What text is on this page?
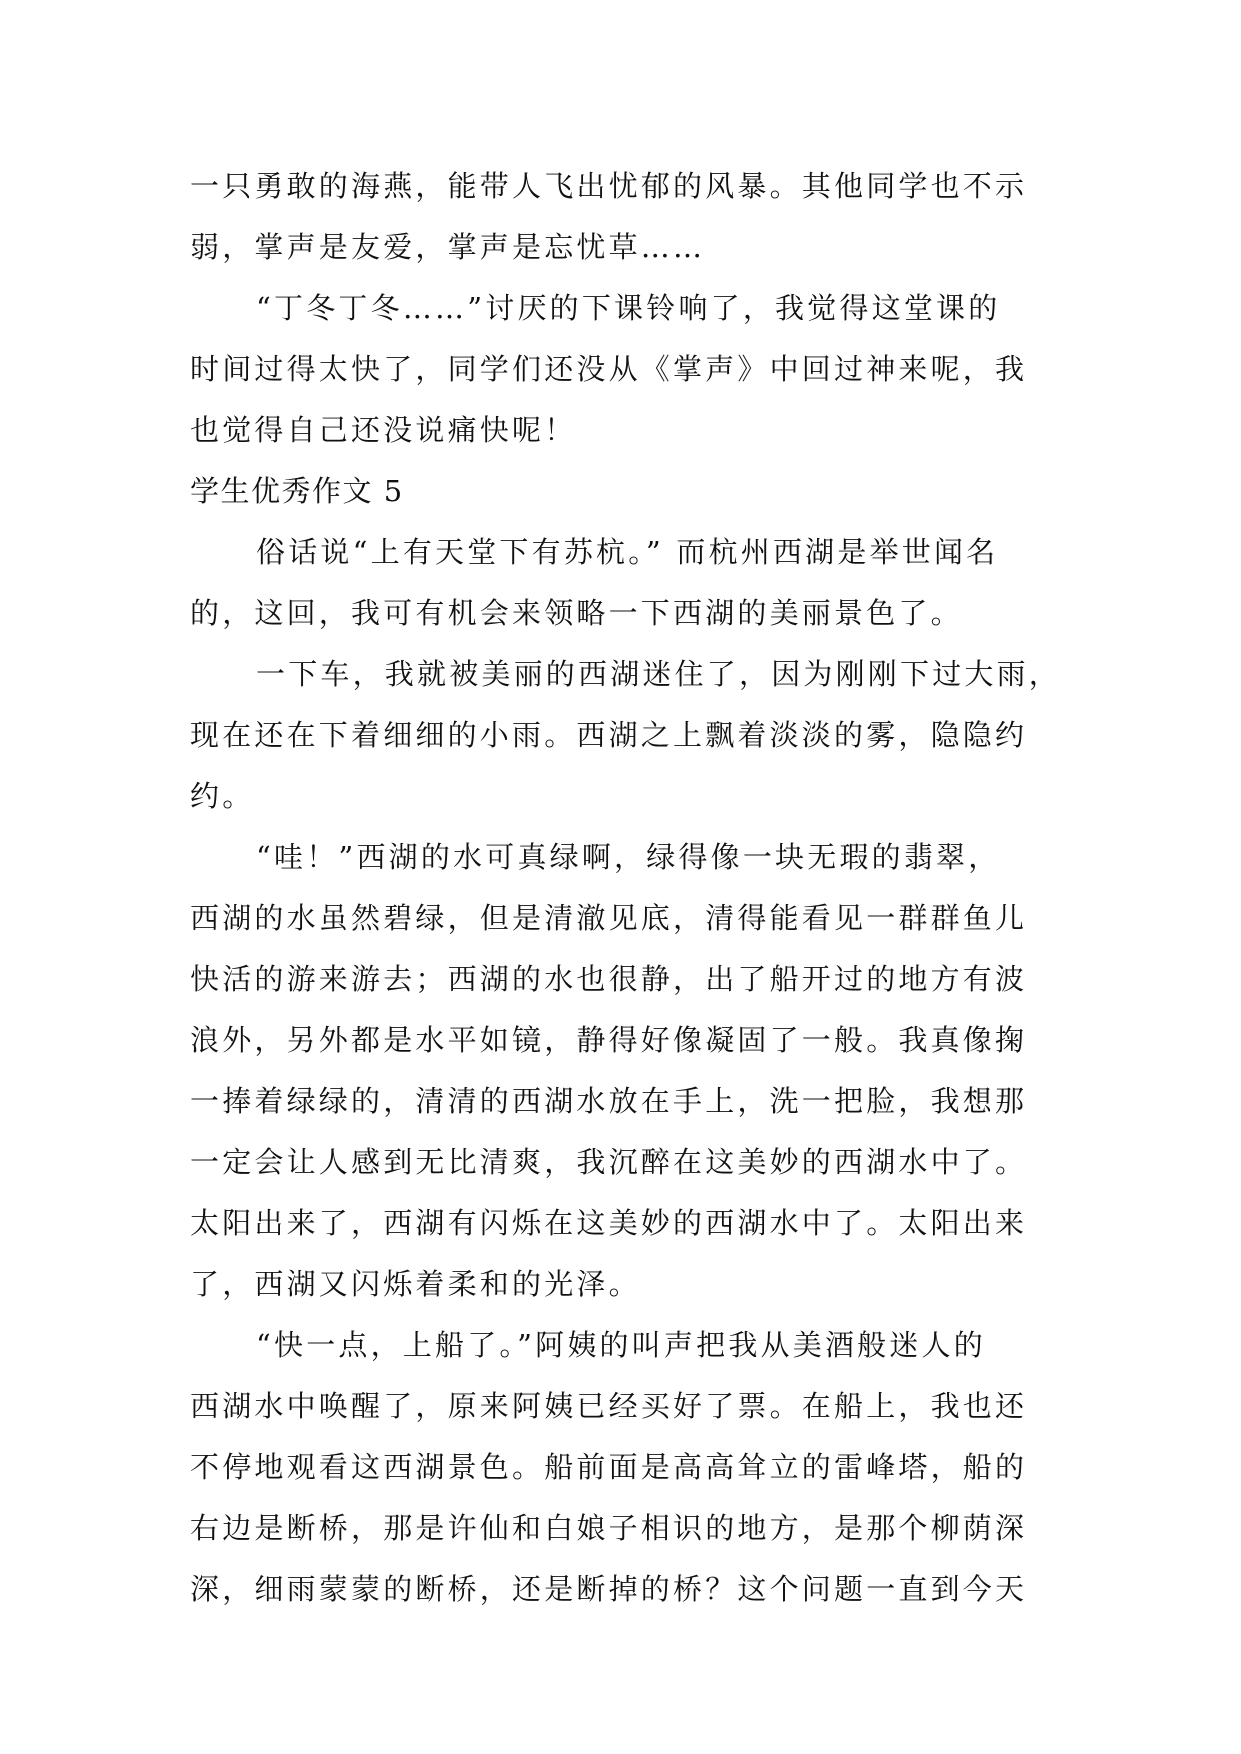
一只勇敢的海燕，能带人飞出忧郁的风暴。其他同学也不示
弱，掌声是友爱，掌声是忘忧草……
“丁冬丁冬……”讨厌的下课铃响了，我觉得这堂课的
时间过得太快了，同学们还没从《掌声》中回过神来呢，我
也觉得自己还没说痛快呢！
学生优秀作文 5
俗话说“上有天堂下有苏杭。” 而杭州西湖是举世闻名
的，这回，我可有机会来领略一下西湖的美丽景色了。
一下车，我就被美丽的西湖迷住了，因为刚刚下过大雨，
现在还在下着细细的小雨。西湖之上飘着淡淡的雾，隐隐约
约。
“哇！”西湖的水可真绿啊，绿得像一块无瑕的翡翠，
西湖的水虽然碧绿，但是清澈见底，清得能看见一群群鱼儿
快活的游来游去；西湖的水也很静，出了船开过的地方有波
浪外，另外都是水平如镜，静得好像凝固了一般。我真像掬
一捧着绿绿的，清清的西湖水放在手上，洗一把脸，我想那
一定会让人感到无比清爽，我沉醉在这美妙的西湖水中了。
太阳出来了，西湖有闪烁在这美妙的西湖水中了。太阳出来
了，西湖又闪烁着柔和的光泽。
“快一点，上船了。”阿姨的叫声把我从美酒般迷人的
西湖水中唤醒了，原来阿姨已经买好了票。在船上，我也还
不停地观看这西湖景色。船前面是高高耸立的雷峰塔，船的
右边是断桥，那是许仙和白娘子相识的地方，是那个柳荫深
深，细雨蒙蒙的断桥，还是断掉的桥？这个问题一直到今天
